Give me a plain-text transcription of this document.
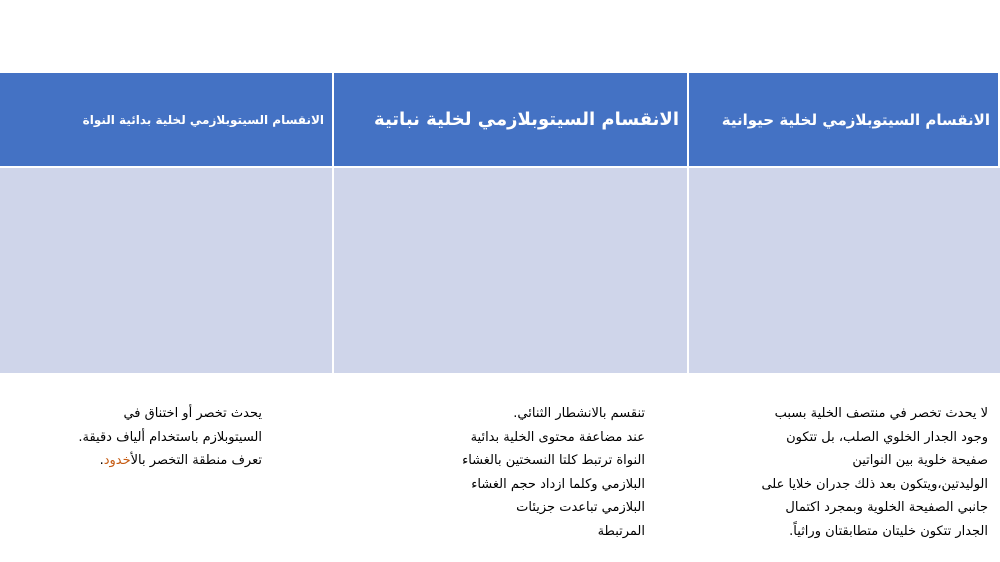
الانقسام السيتوبلازمي لخلية بدائية النواة	الانقسام السيتوبلازمي لخلية نباتية	الانقسام السيتوبلازمي لخلية حيوانية

لا يحدث تخصر في منتصف الخلية بسبب

وجود الجدار الخلوي الصلب، بل تتكون

صفيحة خلوية بين النواتين

الوليدتين،ويتكون بعد ذلك جدران خلايا على

جانبي الصفيحة الخلوية وبمجرد اكتمال

الجدار تتكون خليتان متطابقتان وراثياً.

تنقسم بالانشطار الثنائي.

عند مضاعفة محتوى الخلية بدائية

النواة ترتبط كلتا النسختين بالغشاء

البلازمي وكلما ازداد حجم الغشاء

البلازمي تباعدت جزيئات

المرتبطة

يحدث تخصر أو اختناق في

السيتوبلازم باستخدام ألياف دقيقة.

تعرف منطقة التخصر بالأخدود.
